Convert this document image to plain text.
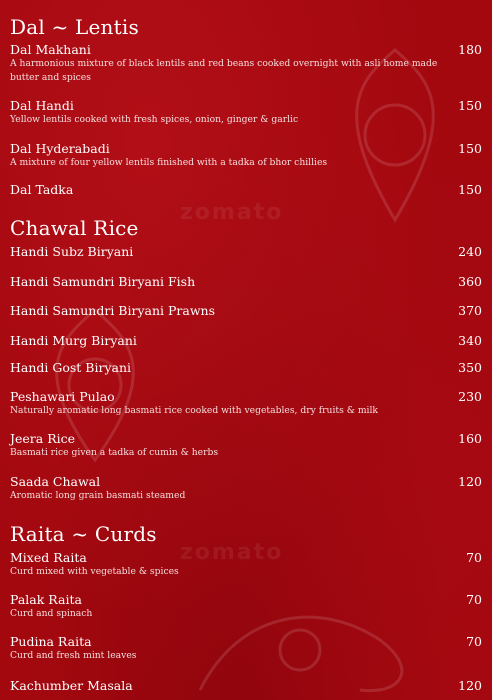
zomato
zomato
Dal ~ Lentis
Dal Makhani	180
A harmonious mixture of black lentils and red beans cooked overnight with asli home made butter and spices
Dal Handi	150
Yellow lentils cooked with fresh spices, onion, ginger & garlic
Dal Hyderabadi	150
A mixture of four yellow lentils finished with a tadka of bhor chillies
Dal Tadka	150
Chawal Rice
Handi Subz Biryani	240
Handi Samundri Biryani Fish	360
Handi Samundri Biryani Prawns	370
Handi Murg Biryani	340
Handi Gost Biryani	350
Peshawari Pulao	230
Naturally aromatic long basmati rice cooked with vegetables, dry fruits & milk
Jeera Rice	160
Basmati rice given a tadka of cumin & herbs
Saada Chawal	120
Aromatic long grain basmati steamed
Raita ~ Curds
Mixed Raita	70
Curd mixed with vegetable & spices
Palak Raita	70
Curd and spinach
Pudina Raita	70
Curd and fresh mint leaves
Kachumber Masala	120
